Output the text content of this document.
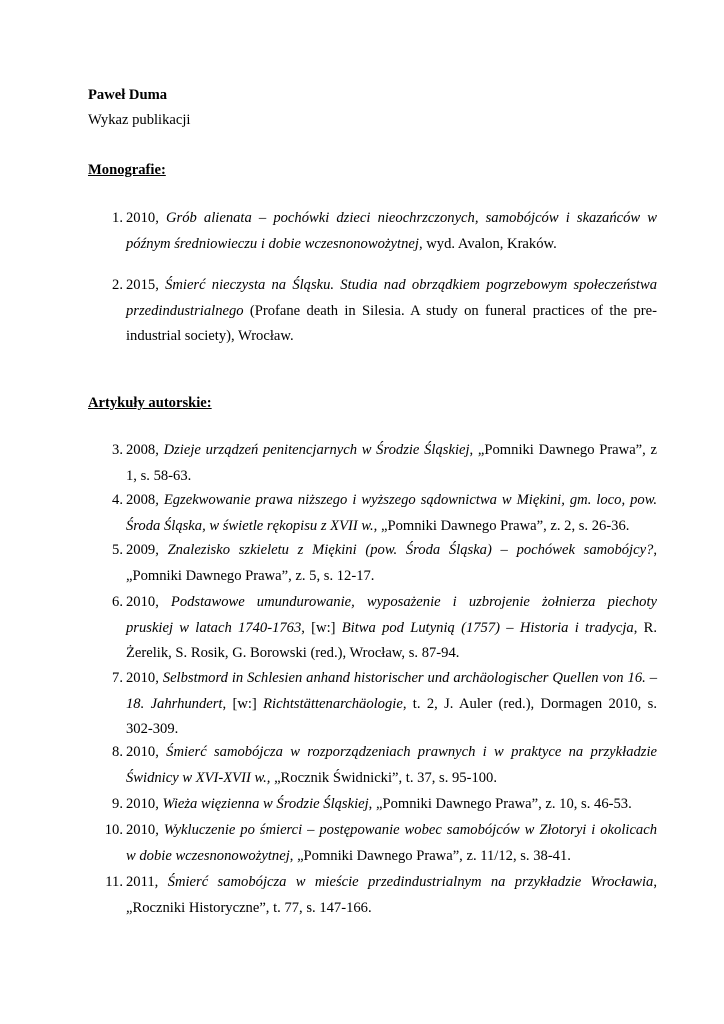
Paweł Duma
Wykaz publikacji
Monografie:
1. 2010, Grób alienata – pochówki dzieci nieochrzczonych, samobójców i skazańców w
późnym średniowieczu i dobie wczesnonowożytnej, wyd. Avalon, Kraków.
2. 2015, Śmierć nieczysta na Śląsku. Studia nad obrządkiem pogrzebowym społeczeństwa
przedindustrialnego (Profane death in Silesia. A study on funeral practices of the pre-
industrial society), Wrocław.
Artykuły autorskie:
3. 2008, Dzieje urządzeń penitencjarnych w Środzie Śląskiej, „Pomniki Dawnego Prawa”, z
1, s. 58-63.
4. 2008, Egzekwowanie prawa niższego i wyższego sądownictwa w Miękini, gm. loco, pow.
Środa Śląska, w świetle rękopisu z XVII w., „Pomniki Dawnego Prawa”, z. 2, s. 26-36.
5. 2009, Znalezisko szkieletu z Miękini (pow. Środa Śląska) – pochówek samobójcy?,
„Pomniki Dawnego Prawa”, z. 5, s. 12-17.
6. 2010, Podstawowe umundurowanie, wyposażenie i uzbrojenie żołnierza piechoty
pruskiej w latach 1740-1763, [w:] Bitwa pod Lutynią (1757) – Historia i tradycja, R.
Żerelik, S. Rosik, G. Borowski (red.), Wrocław, s. 87-94.
7. 2010, Selbstmord in Schlesien anhand historischer und archäologischer Quellen von 16. –
18. Jahrhundert, [w:] Richtstättenarchäologie, t. 2, J. Auler (red.), Dormagen 2010, s.
302-309.
8. 2010, Śmierć samobójcza w rozporządzeniach prawnych i w praktyce na przykładzie
Świdnicy w XVI-XVII w., „Rocznik Świdnicki”, t. 37, s. 95-100.
9. 2010, Wieża więzienna w Środzie Śląskiej, „Pomniki Dawnego Prawa”, z. 10, s. 46-53.
10. 2010, Wykluczenie po śmierci – postępowanie wobec samobójców w Złotoryi i okolicach
w dobie wczesnonowożytnej, „Pomniki Dawnego Prawa”, z. 11/12, s. 38-41.
11. 2011, Śmierć samobójcza w mieście przedindustrialnym na przykładzie Wrocławia,
„Roczniki Historyczne”, t. 77, s. 147-166.
